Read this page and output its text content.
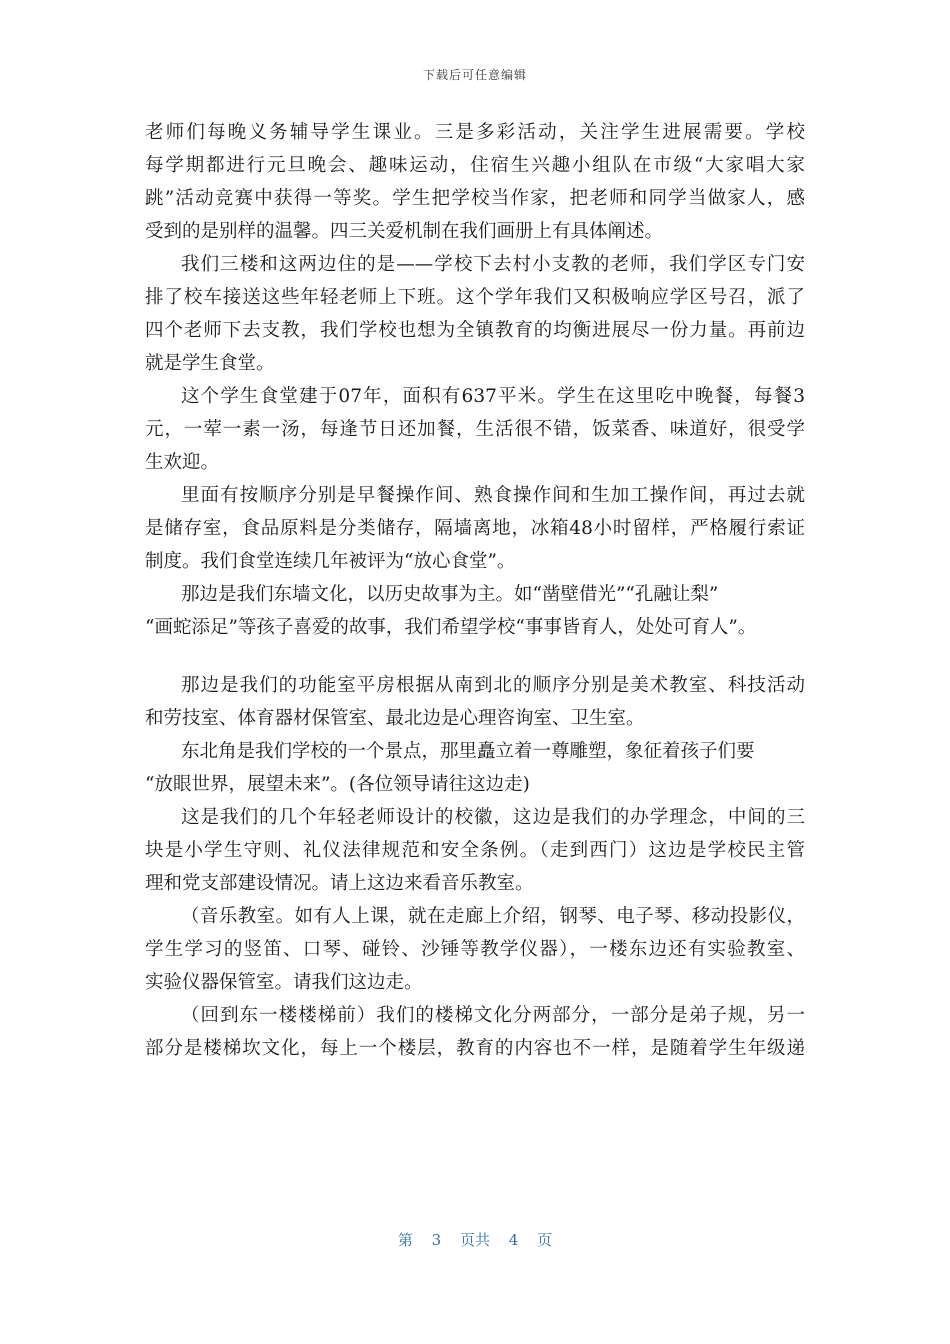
下载后可任意编辑
老师们每晚义务辅导学生课业。三是多彩活动，关注学生进展需要。学校
每学期都进行元旦晚会、趣味运动，住宿生兴趣小组队在市级“大家唱大家
跳”活动竞赛中获得一等奖。学生把学校当作家，把老师和同学当做家人，感
受到的是别样的温馨。四三关爱机制在我们画册上有具体阐述。
我们三楼和这两边住的是——学校下去村小支教的老师，我们学区专门安
排了校车接送这些年轻老师上下班。这个学年我们又积极响应学区号召，派了
四个老师下去支教，我们学校也想为全镇教育的均衡进展尽一份力量。再前边
就是学生食堂。
这个学生食堂建于07年，面积有637平米。学生在这里吃中晚餐，每餐3
元，一荤一素一汤，每逢节日还加餐，生活很不错，饭菜香、味道好，很受学
生欢迎。
里面有按顺序分别是早餐操作间、熟食操作间和生加工操作间，再过去就
是储存室，食品原料是分类储存，隔墙离地，冰箱48小时留样，严格履行索证
制度。我们食堂连续几年被评为“放心食堂”。
那边是我们东墙文化，以历史故事为主。如“凿壁借光”“孔融让梨”
“画蛇添足”等孩子喜爱的故事，我们希望学校“事事皆育人，处处可育人”。
那边是我们的功能室平房根据从南到北的顺序分别是美术教室、科技活动
和劳技室、体育器材保管室、最北边是心理咨询室、卫生室。
东北角是我们学校的一个景点，那里矗立着一尊雕塑，象征着孩子们要
“放眼世界，展望未来”。(各位领导请往这边走)
这是我们的几个年轻老师设计的校徽，这边是我们的办学理念，中间的三
块是小学生守则、礼仪法律规范和安全条例。（走到西门）这边是学校民主管
理和党支部建设情况。请上这边来看音乐教室。
（音乐教室。如有人上课，就在走廊上介绍，钢琴、电子琴、移动投影仪，
学生学习的竖笛、口琴、碰铃、沙锤等教学仪器），一楼东边还有实验教室、
实验仪器保管室。请我们这边走。
（回到东一楼楼梯前）我们的楼梯文化分两部分，一部分是弟子规，另一
部分是楼梯坎文化，每上一个楼层，教育的内容也不一样，是随着学生年级递
第 3 页共 4 页
